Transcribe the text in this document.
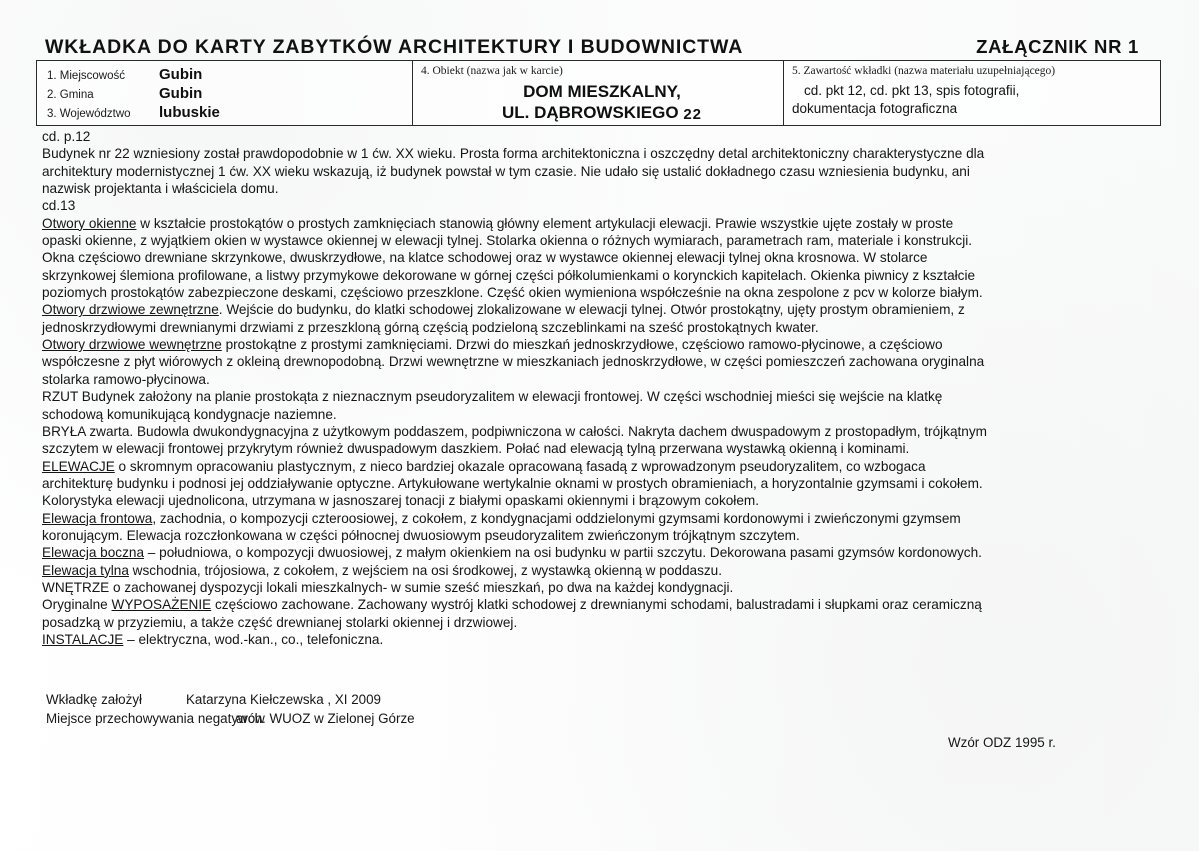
WKŁADKA DO KARTY ZABYTKÓW ARCHITEKTURY I BUDOWNICTWA	ZAŁĄCZNIK NR 1
1. Miejscowość	Gubin
2. Gmina	Gubin
3. Województwo	lubuskie
4. Obiekt (nazwa jak w karcie)
DOM MIESZKALNY,
UL. DĄBROWSKIEGO 22
5. Zawartość wkładki (nazwa materiału uzupełniającego)
cd. pkt 12, cd. pkt 13, spis fotografii,
dokumentacja fotograficzna

cd. p.12

Budynek nr 22 wzniesiony został prawdopodobnie w 1 ćw. XX wieku. Prosta forma architektoniczna i oszczędny detal architektoniczny charakterystyczne dla

architektury modernistycznej 1 ćw. XX wieku wskazują, iż budynek powstał w tym czasie. Nie udało się ustalić dokładnego czasu wzniesienia budynku, ani

nazwisk projektanta i właściciela domu.

cd.13

Otwory okienne w kształcie prostokątów o prostych zamknięciach stanowią główny element artykulacji elewacji. Prawie wszystkie ujęte zostały w proste

opaski okienne, z wyjątkiem okien w wystawce okiennej w elewacji tylnej. Stolarka okienna o różnych wymiarach, parametrach ram, materiale i konstrukcji.

Okna częściowo drewniane skrzynkowe, dwuskrzydłowe, na klatce schodowej oraz w wystawce okiennej elewacji tylnej okna krosnowa. W stolarce

skrzynkowej ślemiona profilowane, a listwy przymykowe dekorowane w górnej części półkolumienkami o korynckich kapitelach. Okienka piwnicy z kształcie

poziomych prostokątów zabezpieczone deskami, częściowo przeszklone. Część okien wymieniona współcześnie na okna zespolone z pcv w kolorze białym.

Otwory drzwiowe zewnętrzne. Wejście do budynku, do klatki schodowej zlokalizowane w elewacji tylnej. Otwór prostokątny, ujęty prostym obramieniem, z

jednoskrzydłowymi drewnianymi drzwiami z przeszkloną górną częścią podzieloną szczeblinkami na sześć prostokątnych kwater.

Otwory drzwiowe wewnętrzne prostokątne z prostymi zamknięciami. Drzwi do mieszkań jednoskrzydłowe, częściowo ramowo-płycinowe, a częściowo

współczesne z płyt wiórowych z okleiną drewnopodobną. Drzwi wewnętrzne w mieszkaniach jednoskrzydłowe, w części pomieszczeń zachowana oryginalna

stolarka ramowo-płycinowa.

RZUT Budynek założony na planie prostokąta z nieznacznym pseudoryzalitem w elewacji frontowej. W części wschodniej mieści się wejście na klatkę

schodową komunikującą kondygnacje naziemne.

BRYŁA zwarta. Budowla dwukondygnacyjna z użytkowym poddaszem, podpiwniczona w całości. Nakryta dachem dwuspadowym z prostopadłym, trójkątnym

szczytem w elewacji frontowej przykrytym również dwuspadowym daszkiem. Połać nad elewacją tylną przerwana wystawką okienną i kominami.

ELEWACJE o skromnym opracowaniu plastycznym, z nieco bardziej okazale opracowaną fasadą z wprowadzonym pseudoryzalitem, co wzbogaca

architekturę budynku i podnosi jej oddziaływanie optyczne. Artykułowane wertykalnie oknami w prostych obramieniach, a horyzontalnie gzymsami i cokołem.

Kolorystyka elewacji ujednolicona, utrzymana w jasnoszarej tonacji z białymi opaskami okiennymi i brązowym cokołem.

Elewacja frontowa, zachodnia, o kompozycji czteroosiowej, z cokołem, z kondygnacjami oddzielonymi gzymsami kordonowymi i zwieńczonymi gzymsem

koronującym. Elewacja rozczłonkowana w części północnej dwuosiowym pseudoryzalitem zwieńczonym trójkątnym szczytem.

Elewacja boczna – południowa, o kompozycji dwuosiowej, z małym okienkiem na osi budynku w partii szczytu. Dekorowana pasami gzymsów kordonowych.

Elewacja tylna wschodnia, trójosiowa, z cokołem, z wejściem na osi środkowej, z wystawką okienną w poddaszu.

WNĘTRZE o zachowanej dyspozycji lokali mieszkalnych- w sumie sześć mieszkań, po dwa na każdej kondygnacji.

Oryginalne WYPOSAŻENIE częściowo zachowane. Zachowany wystrój klatki schodowej z drewnianymi schodami, balustradami i słupkami oraz ceramiczną

posadzką w przyziemiu, a także część drewnianej stolarki okiennej i drzwiowej.

INSTALACJE – elektryczna, wod.-kan., co., telefoniczna.

Wkładkę założył	Katarzyna Kiełczewska , XI 2009
Miejsce przechowywania negatywów
arch. WUOZ w Zielonej Górze
Wzór ODZ 1995 r.
